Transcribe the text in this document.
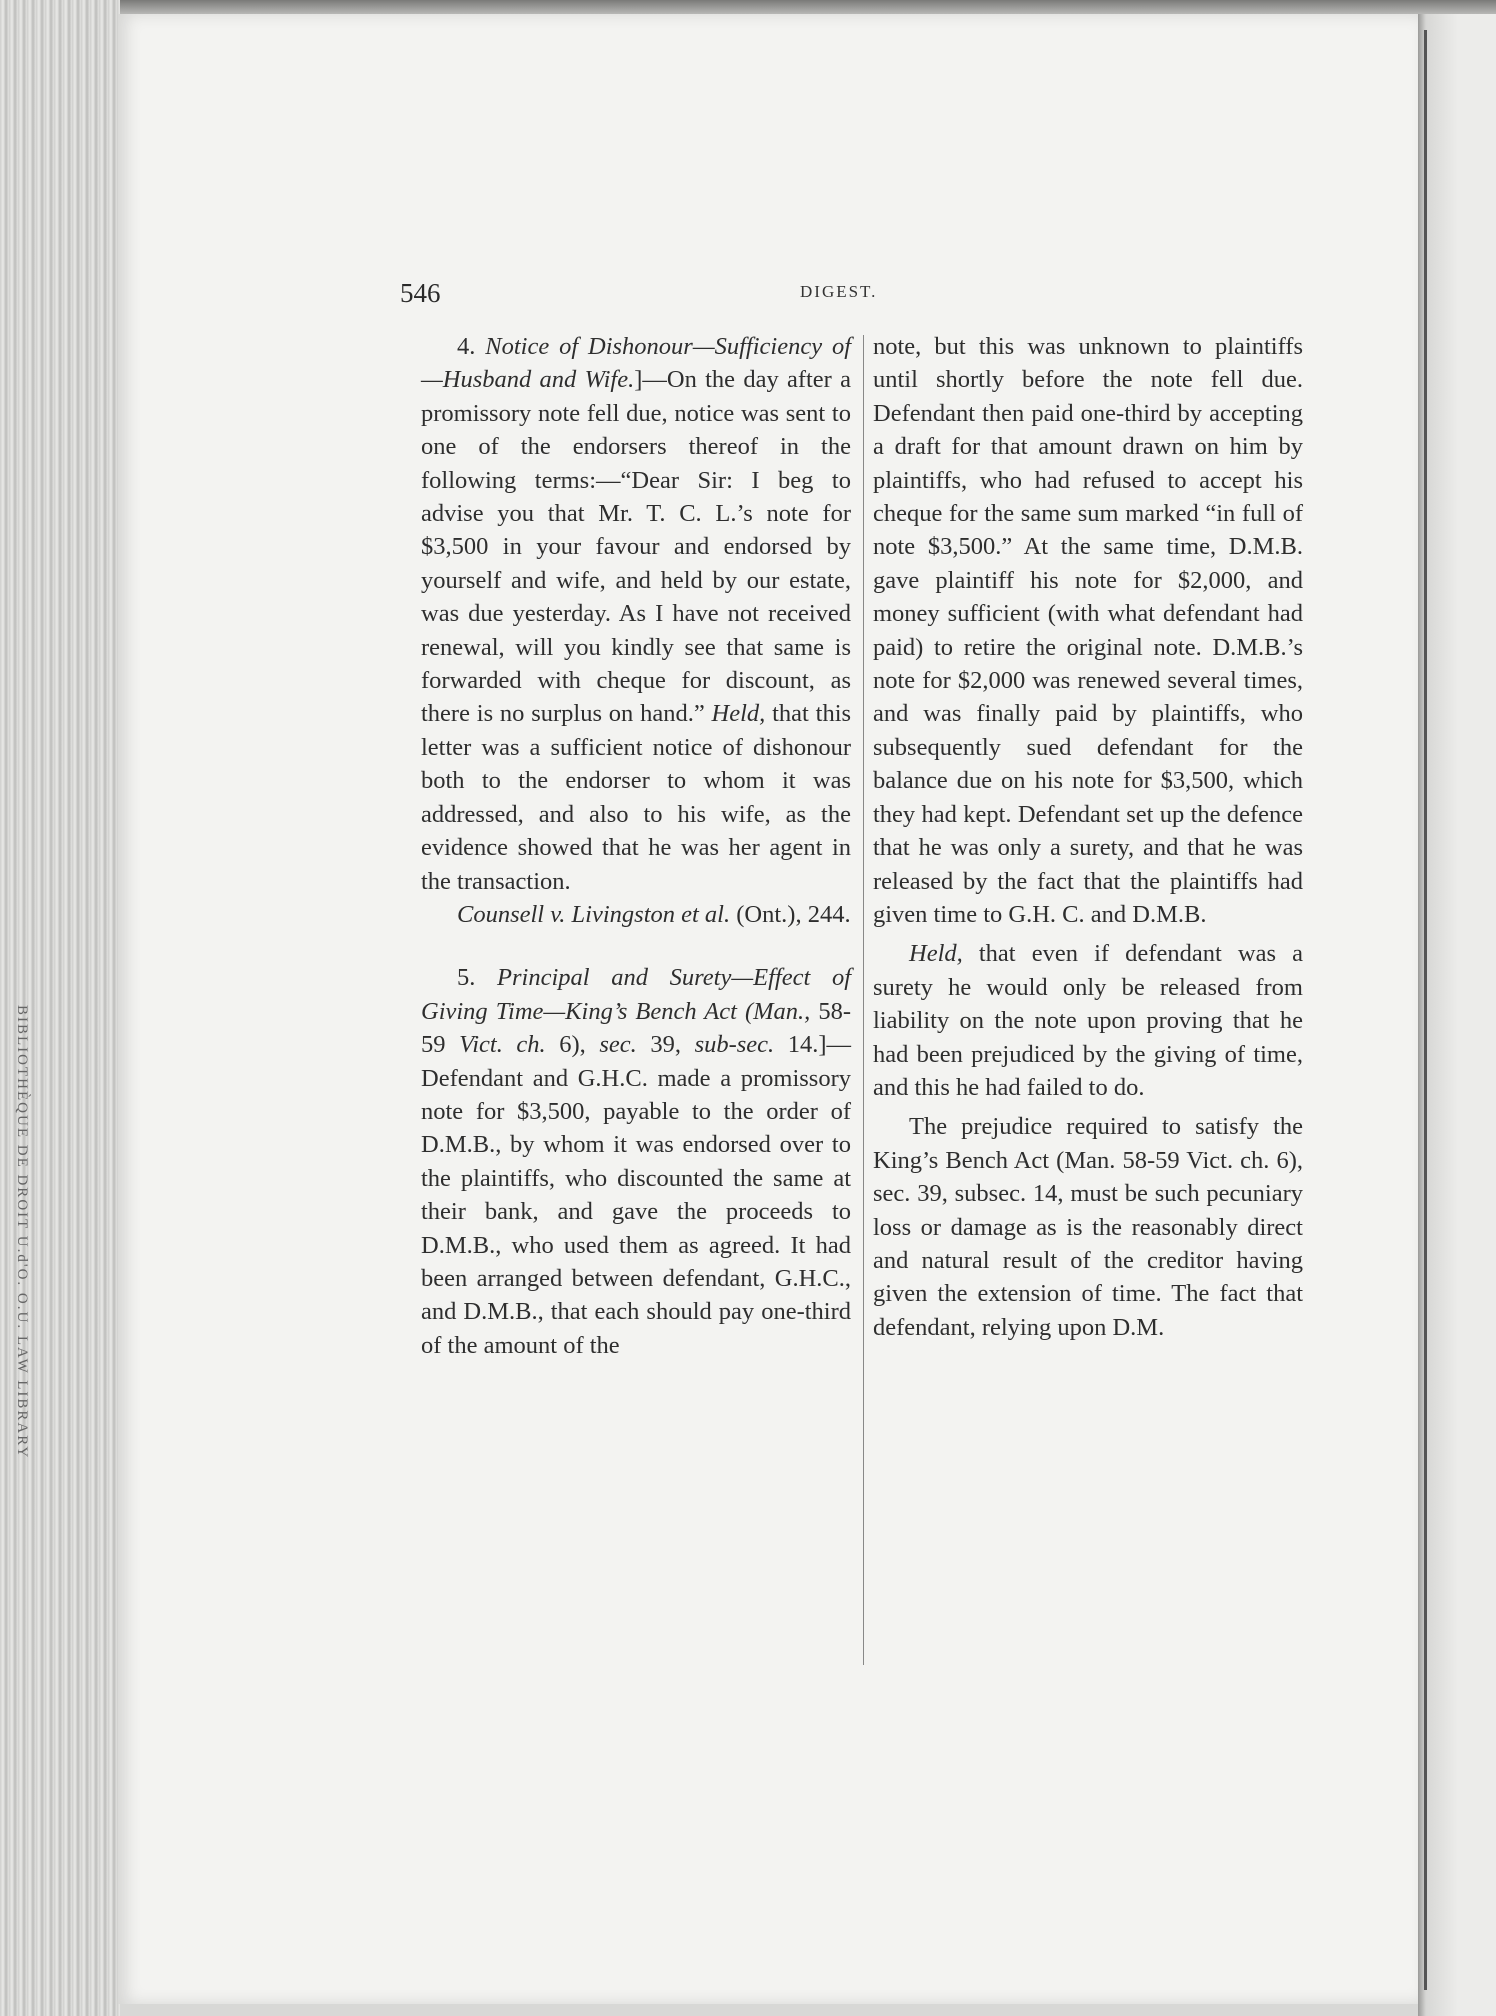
BIBLIOTHÈQUE DE DROIT U.d'O. O.U. LAW LIBRARY
546	DIGEST.

4. Notice of Dishonour—Sufficiency of—Husband and Wife.]—On the day after a promissory note fell due, notice was sent to one of the endorsers thereof in the following terms:—“Dear Sir: I beg to advise you that Mr. T. C. L.’s note for $3,500 in your favour and endorsed by yourself and wife, and held by our estate, was due yesterday. As I have not received renewal, will you kindly see that same is forwarded with cheque for discount, as there is no surplus on hand.” Held, that this letter was a sufficient notice of dishonour both to the endorser to whom it was addressed, and also to his wife, as the evidence showed that he was her agent in the transaction.

Counsell v. Livingston et al. (Ont.), 244.

5. Principal and Surety—Effect of Giving Time—King’s Bench Act (Man., 58-59 Vict. ch. 6), sec. 39, sub-sec. 14.]—Defendant and G.H.C. made a promissory note for $3,500, payable to the order of D.M.B., by whom it was endorsed over to the plaintiffs, who discounted the same at their bank, and gave the proceeds to D.M.B., who used them as agreed. It had been arranged between defendant, G.H.C., and D.M.B., that each should pay one-third of the amount of the

note, but this was unknown to plaintiffs until shortly before the note fell due. Defendant then paid one-third by accepting a draft for that amount drawn on him by plaintiffs, who had refused to accept his cheque for the same sum marked “in full of note $3,500.” At the same time, D.M.B. gave plaintiff his note for $2,000, and money sufficient (with what defendant had paid) to retire the original note. D.M.B.’s note for $2,000 was renewed several times, and was finally paid by plaintiffs, who subsequently sued defendant for the balance due on his note for $3,500, which they had kept. Defendant set up the defence that he was only a surety, and that he was released by the fact that the plaintiffs had given time to G.H. C. and D.M.B.

Held, that even if defendant was a surety he would only be released from liability on the note upon proving that he had been prejudiced by the giving of time, and this he had failed to do.

The prejudice required to satisfy the King’s Bench Act (Man. 58-59 Vict. ch. 6), sec. 39, subsec. 14, must be such pecuniary loss or damage as is the reasonably direct and natural result of the creditor having given the extension of time. The fact that defendant, relying upon D.M.
